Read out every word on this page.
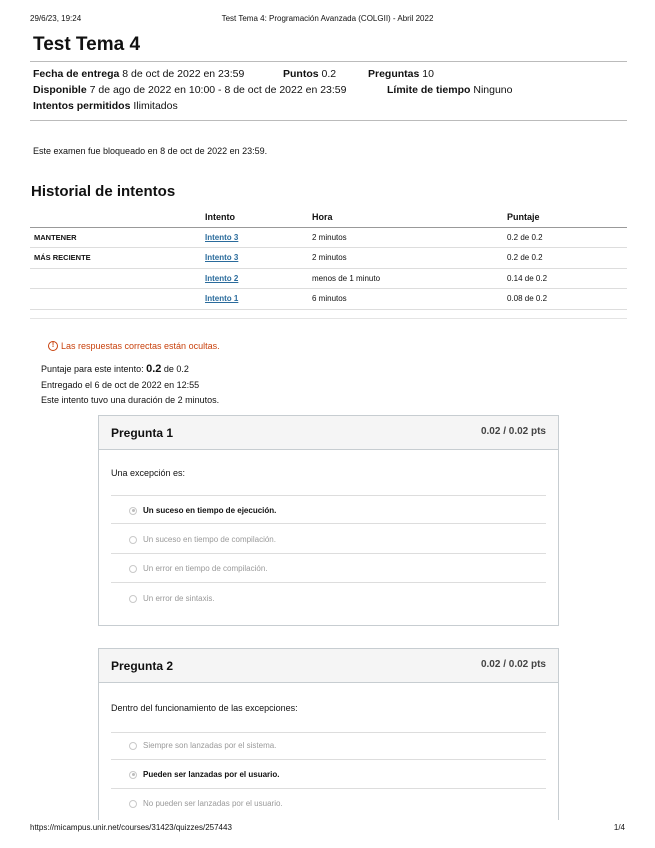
29/6/23, 19:24	Test Tema 4: Programación Avanzada (COLGII) - Abril 2022
Test Tema 4
Fecha de entrega 8 de oct de 2022 en 23:59	Puntos 0.2	Preguntas 10
Disponible 7 de ago de 2022 en 10:00 - 8 de oct de 2022 en 23:59	Límite de tiempo Ninguno
Intentos permitidos Ilimitados
Este examen fue bloqueado en 8 de oct de 2022 en 23:59.
Historial de intentos
	Intento	Hora	Puntaje
MANTENER	Intento 3	2 minutos	0.2 de 0.2
MÁS RECIENTE	Intento 3	2 minutos	0.2 de 0.2
	Intento 2	menos de 1 minuto	0.14 de 0.2
	Intento 1	6 minutos	0.08 de 0.2
! Las respuestas correctas están ocultas.
Puntaje para este intento: 0.2 de 0.2
Entregado el 6 de oct de 2022 en 12:55
Este intento tuvo una duración de 2 minutos.
Pregunta 1	0.02 / 0.02 pts
Una excepción es:
Un suceso en tiempo de ejecución.
Un suceso en tiempo de compilación.
Un error en tiempo de compilación.
Un error de sintaxis.
Pregunta 2	0.02 / 0.02 pts
Dentro del funcionamiento de las excepciones:
Siempre son lanzadas por el sistema.
Pueden ser lanzadas por el usuario.
No pueden ser lanzadas por el usuario.
https://micampus.unir.net/courses/31423/quizzes/257443	1/4
